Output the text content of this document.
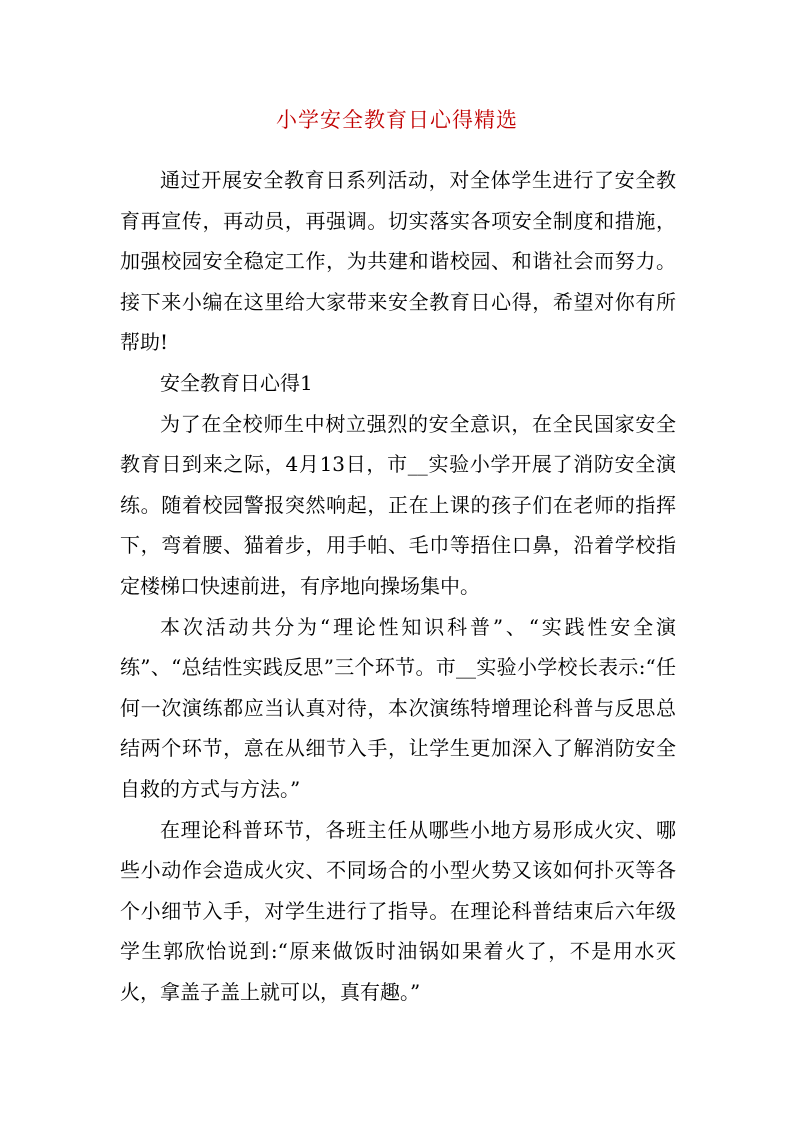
小学安全教育日心得精选

通过开展安全教育日系列活动，对全体学生进行了安全教育再宣传，再动员，再强调。切实落实各项安全制度和措施，加强校园安全稳定工作，为共建和谐校园、和谐社会而努力。接下来小编在这里给大家带来安全教育日心得，希望对你有所帮助!

安全教育日心得1

为了在全校师生中树立强烈的安全意识，在全民国家安全教育日到来之际，4月13日，市__实验小学开展了消防安全演练。随着校园警报突然响起，正在上课的孩子们在老师的指挥下，弯着腰、猫着步，用手帕、毛巾等捂住口鼻，沿着学校指定楼梯口快速前进，有序地向操场集中。

本次活动共分为“理论性知识科普”、“实践性安全演练”、“总结性实践反思”三个环节。市__实验小学校长表示:“任何一次演练都应当认真对待，本次演练特增理论科普与反思总结两个环节，意在从细节入手，让学生更加深入了解消防安全自救的方式与方法。”

在理论科普环节，各班主任从哪些小地方易形成火灾、哪些小动作会造成火灾、不同场合的小型火势又该如何扑灭等各个小细节入手，对学生进行了指导。在理论科普结束后六年级学生郭欣怡说到:“原来做饭时油锅如果着火了，不是用水灭火，拿盖子盖上就可以，真有趣。”
